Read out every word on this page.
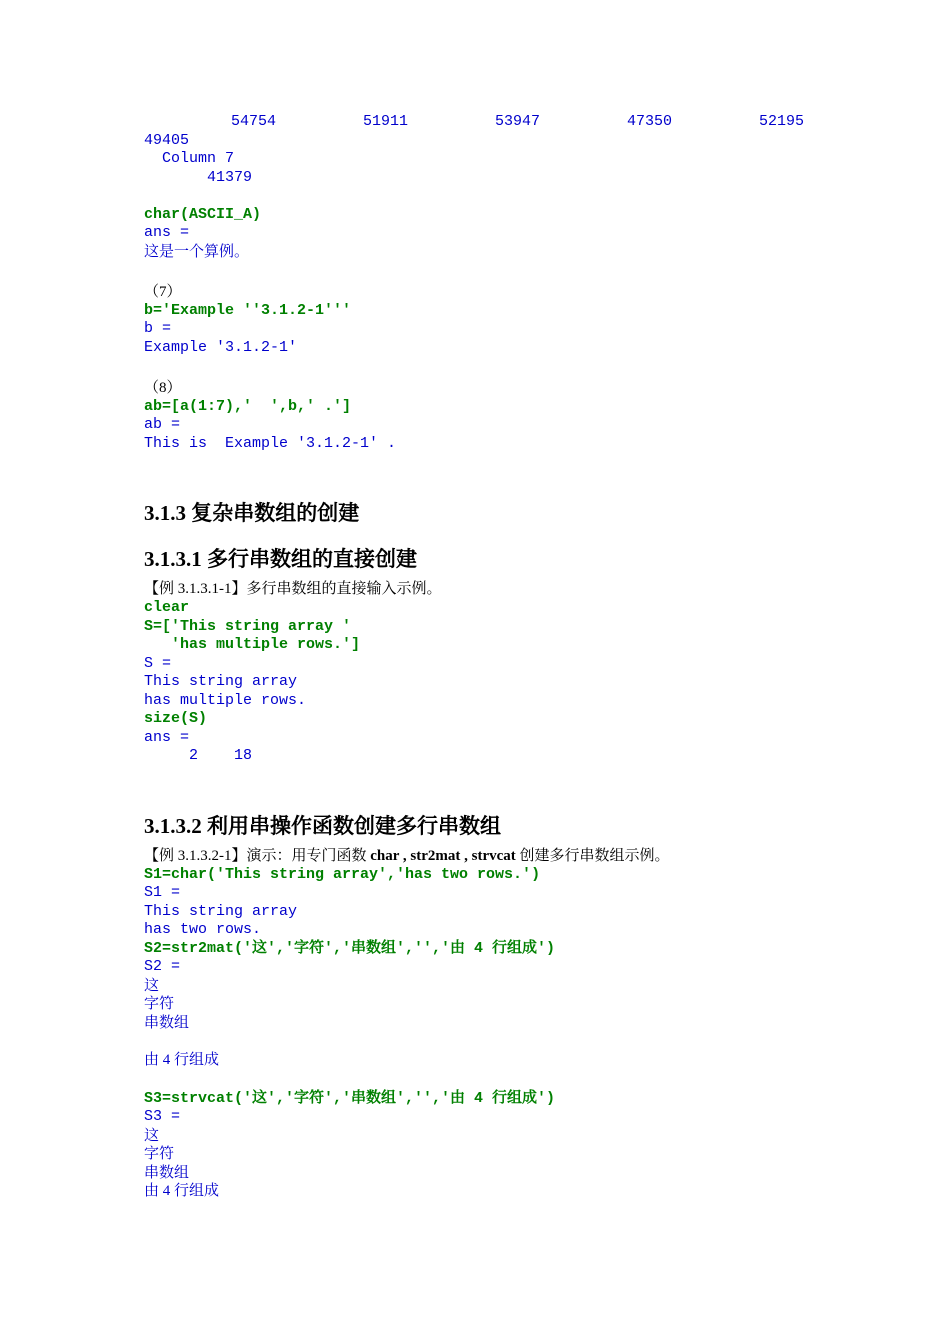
54754	51911	53947	47350	52195
49405
Column 7
41379
char(ASCII_A)
ans =
这是一个算例。
（7）
b='Example ''3.1.2-1'''
b =
Example '3.1.2-1'
（8）
ab=[a(1:7),'  ',b,' .']
ab =
This is  Example '3.1.2-1' .
3.1.3 复杂串数组的创建
3.1.3.1 多行串数组的直接创建
【例 3.1.3.1-1】多行串数组的直接输入示例。
clear
S=['This string array '
'has multiple rows.']
S =
This string array
has multiple rows.
size(S)
ans =
2    18
3.1.3.2 利用串操作函数创建多行串数组
【例 3.1.3.2-1】演示：用专门函数 char , str2mat , strvcat 创建多行串数组示例。
S1=char('This string array','has two rows.')
S1 =
This string array
has two rows.
S2=str2mat('这','字符','串数组','','由 4 行组成')
S2 =
这
字符
串数组
由 4 行组成
S3=strvcat('这','字符','串数组','','由 4 行组成')
S3 =
这
字符
串数组
由 4 行组成
